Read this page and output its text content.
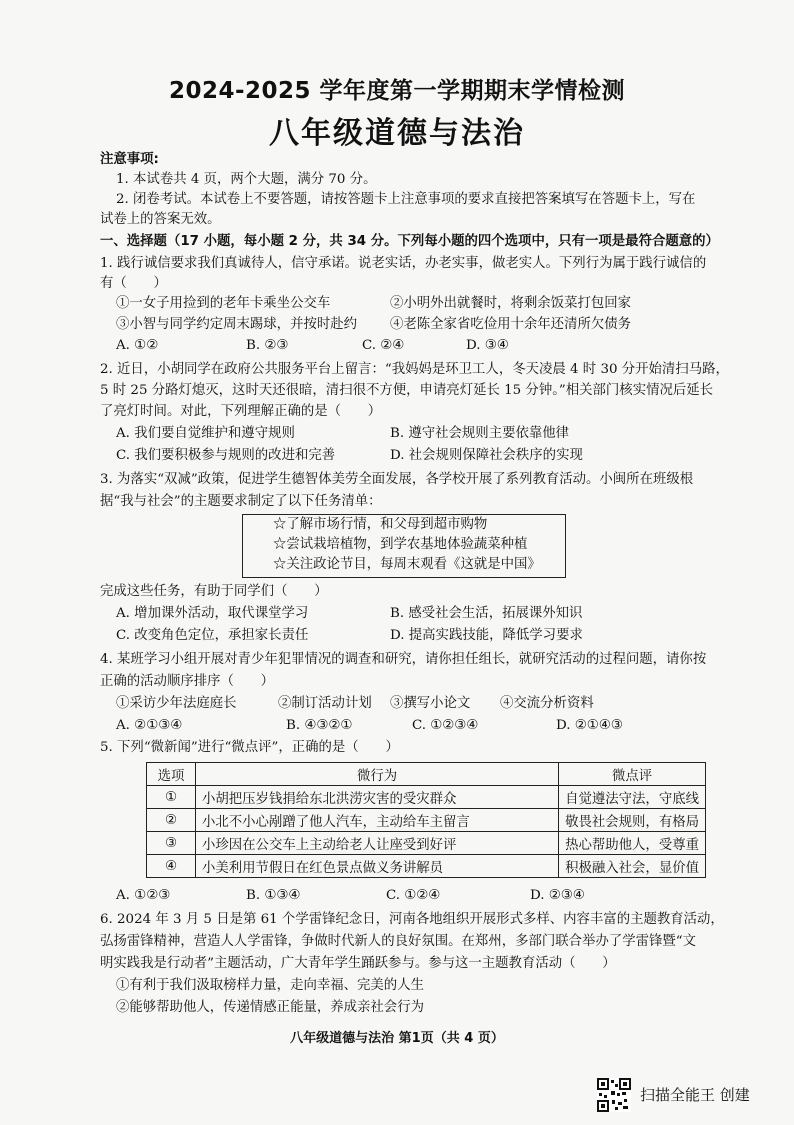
2024-2025 学年度第一学期期末学情检测
八年级道德与法治
注意事项:
1. 本试卷共 4 页，两个大题，满分 70 分。
2. 闭卷考试。本试卷上不要答题，请按答题卡上注意事项的要求直接把答案填写在答题卡上，写在
试卷上的答案无效。
一、选择题（17 小题，每小题 2 分，共 34 分。下列每小题的四个选项中，只有一项是最符合题意的）
1. 践行诚信要求我们真诚待人，信守承诺。说老实话，办老实事，做老实人。下列行为属于践行诚信的
有（　　）
①一女子用捡到的老年卡乘坐公交车	②小明外出就餐时，将剩余饭菜打包回家
③小智与同学约定周末踢球，并按时赴约 ④老陈全家省吃俭用十余年还清所欠债务
A. ①②	B. ②③	C. ②④	D. ③④
2. 近日，小胡同学在政府公共服务平台上留言：“我妈妈是环卫工人，冬天凌晨 4 时 30 分开始清扫马路，
5 时 25 分路灯熄灭，这时天还很暗，清扫很不方便，申请亮灯延长 15 分钟。”相关部门核实情况后延长
了亮灯时间。对此，下列理解正确的是（　　）
A. 我们要自觉维护和遵守规则	B. 遵守社会规则主要依靠他律
C. 我们要积极参与规则的改进和完善	D. 社会规则保障社会秩序的实现
3. 为落实“双减”政策，促进学生德智体美劳全面发展，各学校开展了系列教育活动。小闽所在班级根
据“我与社会”的主题要求制定了以下任务清单：
☆了解市场行情，和父母到超市购物
☆尝试栽培植物，到学农基地体验蔬菜种植
☆关注政论节目，每周末观看《这就是中国》
完成这些任务，有助于同学们（　　）
A. 增加课外活动，取代课堂学习	B. 感受社会生活，拓展课外知识
C. 改变角色定位，承担家长责任	D. 提高实践技能，降低学习要求
4. 某班学习小组开展对青少年犯罪情况的调查和研究，请你担任组长，就研究活动的过程问题，请你按
正确的活动顺序排序（　　）
①采访少年法庭庭长	②制订活动计划 ③撰写小论文 ④交流分析资料
A. ②①③④	B. ④③②①	C. ①②③④	D. ②①④③
5. 下列“微新闻”进行“微点评”，正确的是（　　）
选项	微行为	微点评
①	小胡把压岁钱捐给东北洪涝灾害的受灾群众	自觉遵法守法，守底线
②	小北不小心剐蹭了他人汽车，主动给车主留言	敬畏社会规则，有格局
③	小珍因在公交车上主动给老人让座受到好评	热心帮助他人，受尊重
④	小美利用节假日在红色景点做义务讲解员	积极融入社会，显价值
A. ①②③	B. ①③④	C. ①②④	D. ②③④
6. 2024 年 3 月 5 日是第 61 个学雷锋纪念日，河南各地组织开展形式多样、内容丰富的主题教育活动，
弘扬雷锋精神，营造人人学雷锋，争做时代新人的良好氛围。在郑州，多部门联合举办了学雷锋暨“文
明实践我是行动者”主题活动，广大青年学生踊跃参与。参与这一主题教育活动（　　）
①有利于我们汲取榜样力量，走向幸福、完美的人生
②能够帮助他人，传递情感正能量，养成亲社会行为
八年级道德与法治 第1页（共 4 页）
扫描全能王 创建
